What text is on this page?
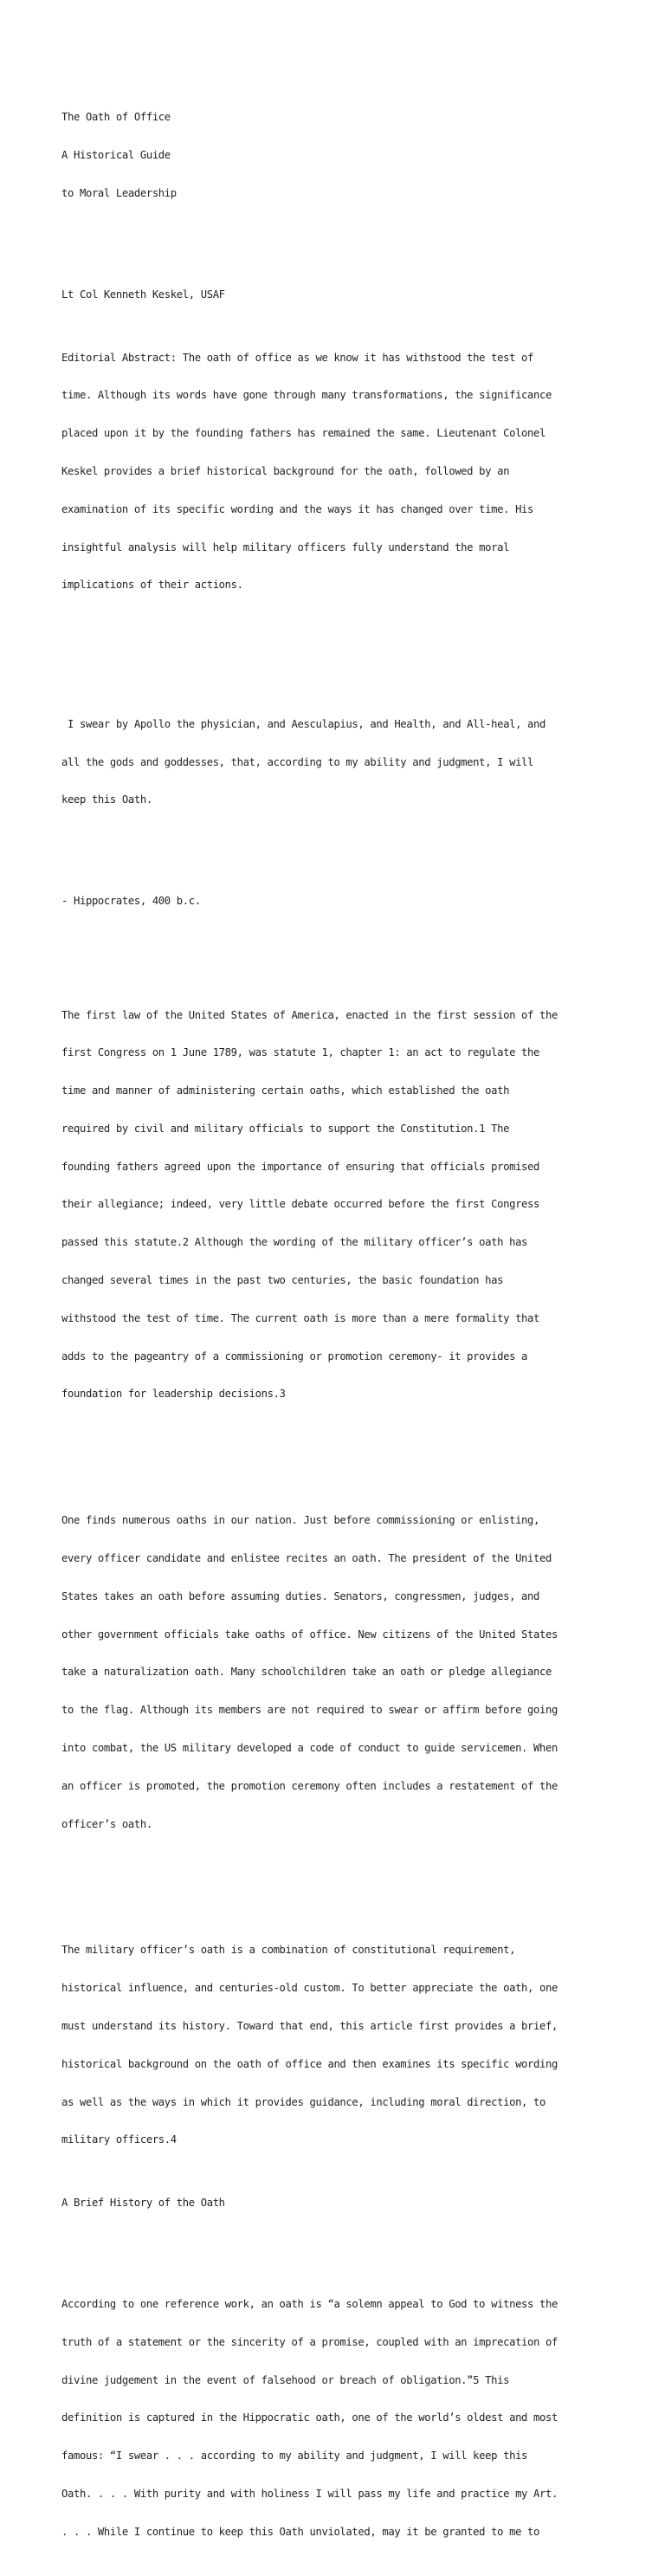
The Oath of Office

A Historical Guide

to Moral Leadership

Lt Col Kenneth Keskel, USAF

Editorial Abstract: The oath of office as we know it has withstood the test of

time. Although its words have gone through many transformations, the significance

placed upon it by the founding fathers has remained the same. Lieutenant Colonel

Keskel provides a brief historical background for the oath, followed by an

examination of its specific wording and the ways it has changed over time. His

insightful analysis will help military officers fully understand the moral

implications of their actions.

I swear by Apollo the physician, and Aesculapius, and Health, and All-heal, and

all the gods and goddesses, that, according to my ability and judgment, I will

keep this Oath.

- Hippocrates, 400 b.c.

The first law of the United States of America, enacted in the first session of the

first Congress on 1 June 1789, was statute 1, chapter 1: an act to regulate the

time and manner of administering certain oaths, which established the oath

required by civil and military officials to support the Constitution.1 The

founding fathers agreed upon the importance of ensuring that officials promised

their allegiance; indeed, very little debate occurred before the first Congress

passed this statute.2 Although the wording of the military officer’s oath has

changed several times in the past two centuries, the basic foundation has

withstood the test of time. The current oath is more than a mere formality that

adds to the pageantry of a commissioning or promotion ceremony- it provides a

foundation for leadership decisions.3

One finds numerous oaths in our nation. Just before commissioning or enlisting,

every officer candidate and enlistee recites an oath. The president of the United

States takes an oath before assuming duties. Senators, congressmen, judges, and

other government officials take oaths of office. New citizens of the United States

take a naturalization oath. Many schoolchildren take an oath or pledge allegiance

to the flag. Although its members are not required to swear or affirm before going

into combat, the US military developed a code of conduct to guide servicemen. When

an officer is promoted, the promotion ceremony often includes a restatement of the

officer’s oath.

The military officer’s oath is a combination of constitutional requirement,

historical influence, and centuries-old custom. To better appreciate the oath, one

must understand its history. Toward that end, this article first provides a brief,

historical background on the oath of office and then examines its specific wording

as well as the ways in which it provides guidance, including moral direction, to

military officers.4

A Brief History of the Oath

According to one reference work, an oath is “a solemn appeal to God to witness the

truth of a statement or the sincerity of a promise, coupled with an imprecation of

divine judgement in the event of falsehood or breach of obligation.”5 This

definition is captured in the Hippocratic oath, one of the world’s oldest and most

famous: “I swear . . . according to my ability and judgment, I will keep this

Oath. . . . With purity and with holiness I will pass my life and practice my Art.

. . . While I continue to keep this Oath unviolated, may it be granted to me to
